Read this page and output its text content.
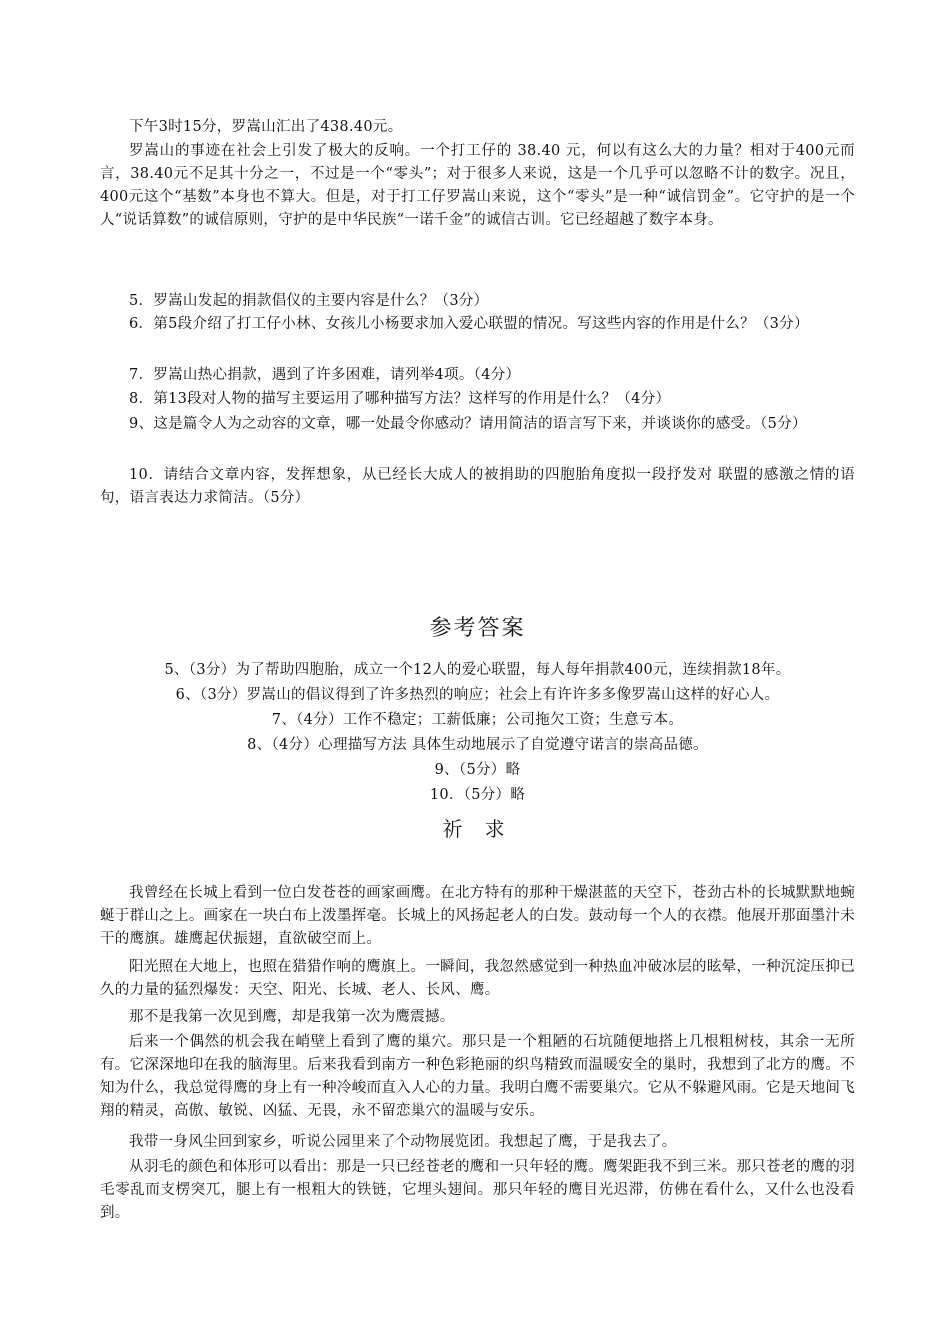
下午3时15分，罗嵩山汇出了438.40元。

罗嵩山的事迹在社会上引发了极大的反响。一个打工仔的 38.40 元，何以有这么大的力量？相对于400元而言，38.40元不足其十分之一，不过是一个“零头”；对于很多人来说，这是一个几乎可以忽略不计的数字。况且，400元这个“基数”本身也不算大。但是，对于打工仔罗嵩山来说，这个“零头”是一种“诚信罚金”。它守护的是一个人“说话算数”的诚信原则，守护的是中华民族“一诺千金”的诚信古训。它已经超越了数字本身。

5．罗嵩山发起的捐款倡仪的主要内容是什么？（3分）

6．第5段介绍了打工仔小林、女孩儿小杨要求加入爱心联盟的情况。写这些内容的作用是什么？（3分）

7．罗嵩山热心捐款，遇到了许多困难，请列举4项。（4分）

8．第13段对人物的描写主要运用了哪种描写方法？这样写的作用是什么？（4分）

9、这是篇令人为之动容的文章，哪一处最令你感动？请用简洁的语言写下来，并谈谈你的感受。（5分）

10．请结合文章内容，发挥想象，从已经长大成人的被捐助的四胞胎角度拟一段抒发对 联盟的感激之情的语句，语言表达力求简洁。（5分）

参考答案

5、（3分）为了帮助四胞胎，成立一个12人的爱心联盟，每人每年捐款400元，连续捐款18年。

6、（3分）罗嵩山的倡议得到了许多热烈的响应；社会上有许许多多像罗嵩山这样的好心人。

7、（4分）工作不稳定；工薪低廉；公司拖欠工资；生意亏本。

8、（4分）心理描写方法 具体生动地展示了自觉遵守诺言的崇高品德。

9、（5分）略

10．（5分）略

祈 求

我曾经在长城上看到一位白发苍苍的画家画鹰。在北方特有的那种干燥湛蓝的天空下，苍劲古朴的长城默默地蜿蜒于群山之上。画家在一块白布上泼墨挥毫。长城上的风扬起老人的白发。鼓动每一个人的衣襟。他展开那面墨汁未干的鹰旗。雄鹰起伏振翅，直欲破空而上。

阳光照在大地上，也照在猎猎作响的鹰旗上。一瞬间，我忽然感觉到一种热血冲破冰层的眩晕，一种沉淀压抑已久的力量的猛烈爆发：天空、阳光、长城、老人、长风、鹰。

那不是我第一次见到鹰，却是我第一次为鹰震撼。

后来一个偶然的机会我在峭壁上看到了鹰的巢穴。那只是一个粗陋的石坑随便地搭上几根粗树枝，其余一无所有。它深深地印在我的脑海里。后来我看到南方一种色彩艳丽的织鸟精致而温暖安全的巢时，我想到了北方的鹰。不知为什么，我总觉得鹰的身上有一种冷峻而直入人心的力量。我明白鹰不需要巢穴。它从不躲避风雨。它是天地间飞翔的精灵，高傲、敏锐、凶猛、无畏，永不留恋巢穴的温暖与安乐。

我带一身风尘回到家乡，听说公园里来了个动物展览团。我想起了鹰，于是我去了。

从羽毛的颜色和体形可以看出：那是一只已经苍老的鹰和一只年轻的鹰。鹰架距我不到三米。那只苍老的鹰的羽毛零乱而支楞突兀，腿上有一根粗大的铁链，它埋头翅间。那只年轻的鹰目光迟滞，仿佛在看什么，又什么也没看到。
